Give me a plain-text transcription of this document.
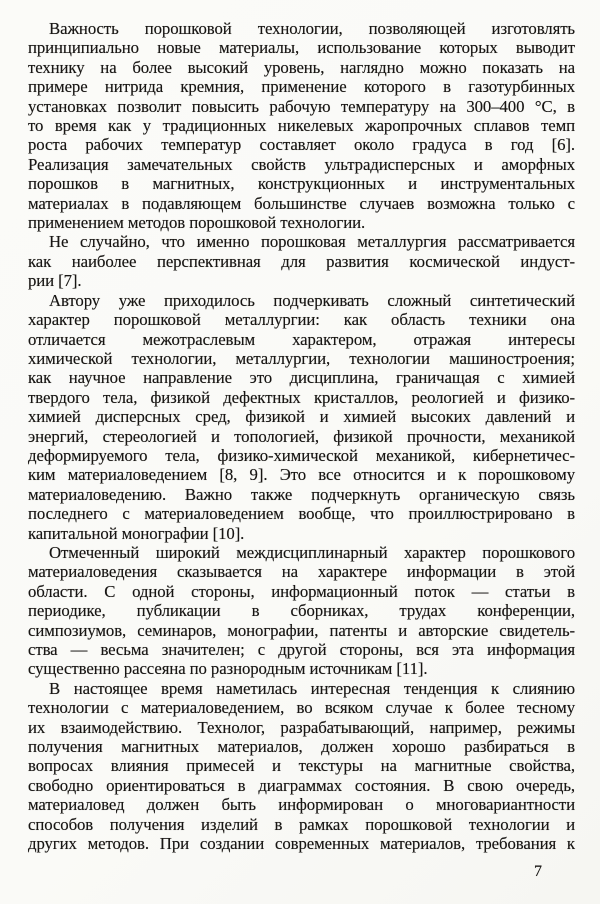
Важность порошковой технологии, позволяющей изготовлять
принципиально новые материалы, использование которых выводит
технику на более высокий уровень, наглядно можно показать на
примере нитрида кремния, применение которого в газотурбинных
установках позволит повысить рабочую температуру на 300–400 °С, в
то время как у традиционных никелевых жаропрочных сплавов темп
роста рабочих температур составляет около градуса в год [6].
Реализация замечательных свойств ультрадисперсных и аморфных
порошков в магнитных, конструкционных и инструментальных
материалах в подавляющем большинстве случаев возможна только с
применением методов порошковой технологии.
Не случайно, что именно порошковая металлургия рассматривается
как наиболее перспективная для развития космической индуст-
рии [7].
Автору уже приходилось подчеркивать сложный синтетический
характер порошковой металлургии: как область техники она
отличается межотраслевым характером, отражая интересы
химической технологии, металлургии, технологии машиностроения;
как научное направление это дисциплина, граничащая с химией
твердого тела, физикой дефектных кристаллов, реологией и физико-
химией дисперсных сред, физикой и химией высоких давлений и
энергий, стереологией и топологией, физикой прочности, механикой
деформируемого тела, физико-химической механикой, кибернетичес-
ким материаловедением [8, 9]. Это все относится и к порошковому
материаловедению. Важно также подчеркнуть органическую связь
последнего с материаловедением вообще, что проиллюстрировано в
капитальной монографии [10].
Отмеченный широкий междисциплинарный характер порошкового
материаловедения сказывается на характере информации в этой
области. С одной стороны, информационный поток — статьи в
периодике, публикации в сборниках, трудах конференции,
симпозиумов, семинаров, монографии, патенты и авторские свидетель-
ства — весьма значителен; с другой стороны, вся эта информация
существенно рассеяна по разнородным источникам [11].
В настоящее время наметилась интересная тенденция к слиянию
технологии с материаловедением, во всяком случае к более тесному
их взаимодействию. Технолог, разрабатывающий, например, режимы
получения магнитных материалов, должен хорошо разбираться в
вопросах влияния примесей и текстуры на магнитные свойства,
свободно ориентироваться в диаграммах состояния. В свою очередь,
материаловед должен быть информирован о многовариантности
способов получения изделий в рамках порошковой технологии и
других методов. При создании современных материалов, требования к
7
